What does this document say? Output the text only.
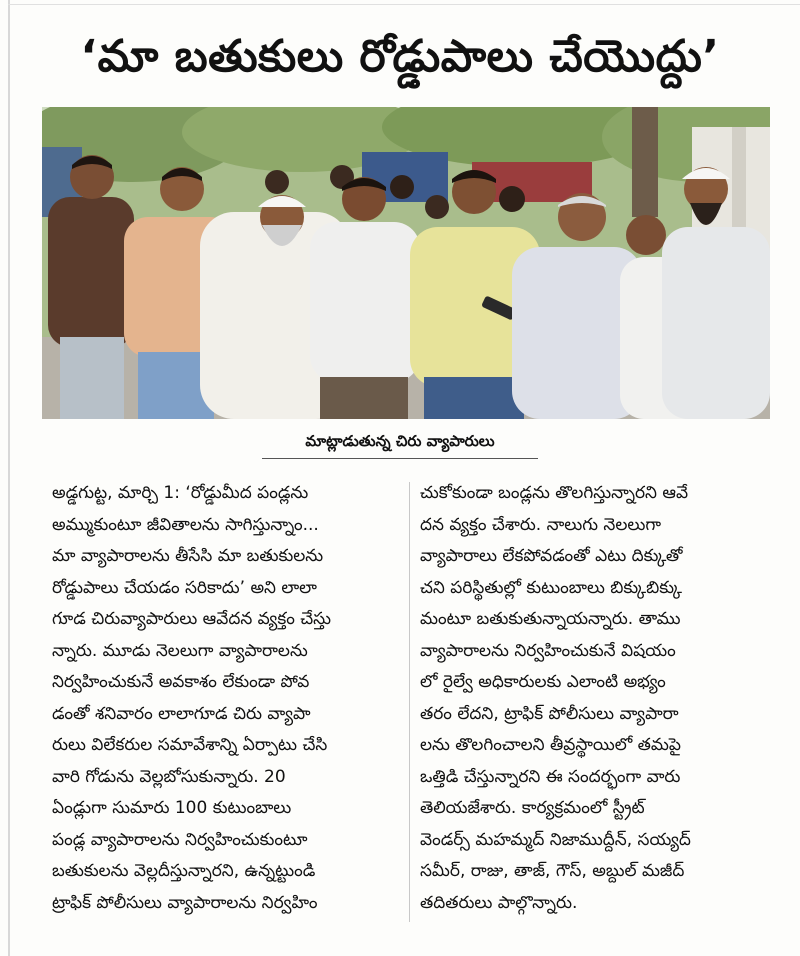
‘మా బతుకులు రోడ్డుపాలు చేయొద్దు’
మాట్లాడుతున్న చిరు వ్యాపారులు
అడ్డగుట్ట, మార్చి 1: ‘రోడ్డుమీద పండ్లను
అమ్ముకుంటూ జీవితాలను సాగిస్తున్నాం...
మా వ్యాపారాలను తీసేసి మా బతుకులను
రోడ్డుపాలు చేయడం సరికాదు’ అని లాలా
గూడ చిరువ్యాపారులు ఆవేదన వ్యక్తం చేస్తు
న్నారు. మూడు నెలలుగా వ్యాపారాలను
నిర్వహించుకునే అవకాశం లేకుండా పోవ
డంతో శనివారం లాలాగూడ చిరు వ్యాపా
రులు విలేకరుల సమావేశాన్ని ఏర్పాటు చేసి
వారి గోడును వెల్లబోసుకున్నారు. 20
ఏండ్లుగా సుమారు 100 కుటుంబాలు
పండ్ల వ్యాపారాలను నిర్వహించుకుంటూ
బతుకులను వెల్లదీస్తున్నారని, ఉన్నట్టుండి
ట్రాఫిక్ పోలీసులు వ్యాపారాలను నిర్వహిం
చుకోకుండా బండ్లను తొలగిస్తున్నారని ఆవే
దన వ్యక్తం చేశారు. నాలుగు నెలలుగా
వ్యాపారాలు లేకపోవడంతో ఎటు దిక్కుతో
చని పరిస్థితుల్లో కుటుంబాలు బిక్కుబిక్కు
మంటూ బతుకుతున్నాయన్నారు. తాము
వ్యాపారాలను నిర్వహించుకునే విషయం
లో రైల్వే అధికారులకు ఎలాంటి అభ్యం
తరం లేదని, ట్రాఫిక్ పోలీసులు వ్యాపారా
లను తొలగించాలని తీవ్రస్థాయిలో తమపై
ఒత్తిడి చేస్తున్నారని ఈ సందర్భంగా వారు
తెలియజేశారు. కార్యక్రమంలో స్ట్రీట్
వెండర్స్ మహమ్మద్ నిజాముద్దీన్, సయ్యద్
సమీర్, రాజు, తాజ్, గౌస్, అబ్దుల్ మజీద్
తదితరులు పాల్గొన్నారు.
